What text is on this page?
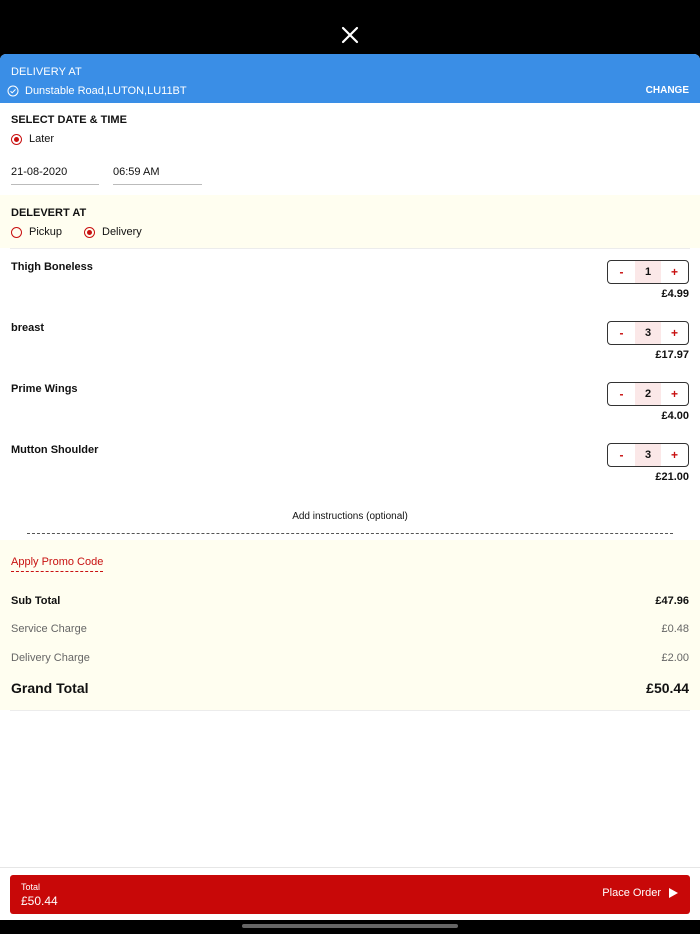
DELIVERY AT
Dunstable Road,LUTON,LU11BT	CHANGE
SELECT DATE & TIME
Later
21-08-2020	06:59 AM
DELEVERT AT
Pickup	Delivery
Thigh Boneless	-	1	+
£4.99
breast	-	3	+
£17.97
Prime Wings	-	2	+
£4.00
Mutton Shoulder	-	3	+
£21.00
Add instructions (optional)
Apply Promo Code
Sub Total	£47.96
Service Charge	£0.48
Delivery Charge	£2.00
Grand Total	£50.44
Total
£50.44
Place Order
